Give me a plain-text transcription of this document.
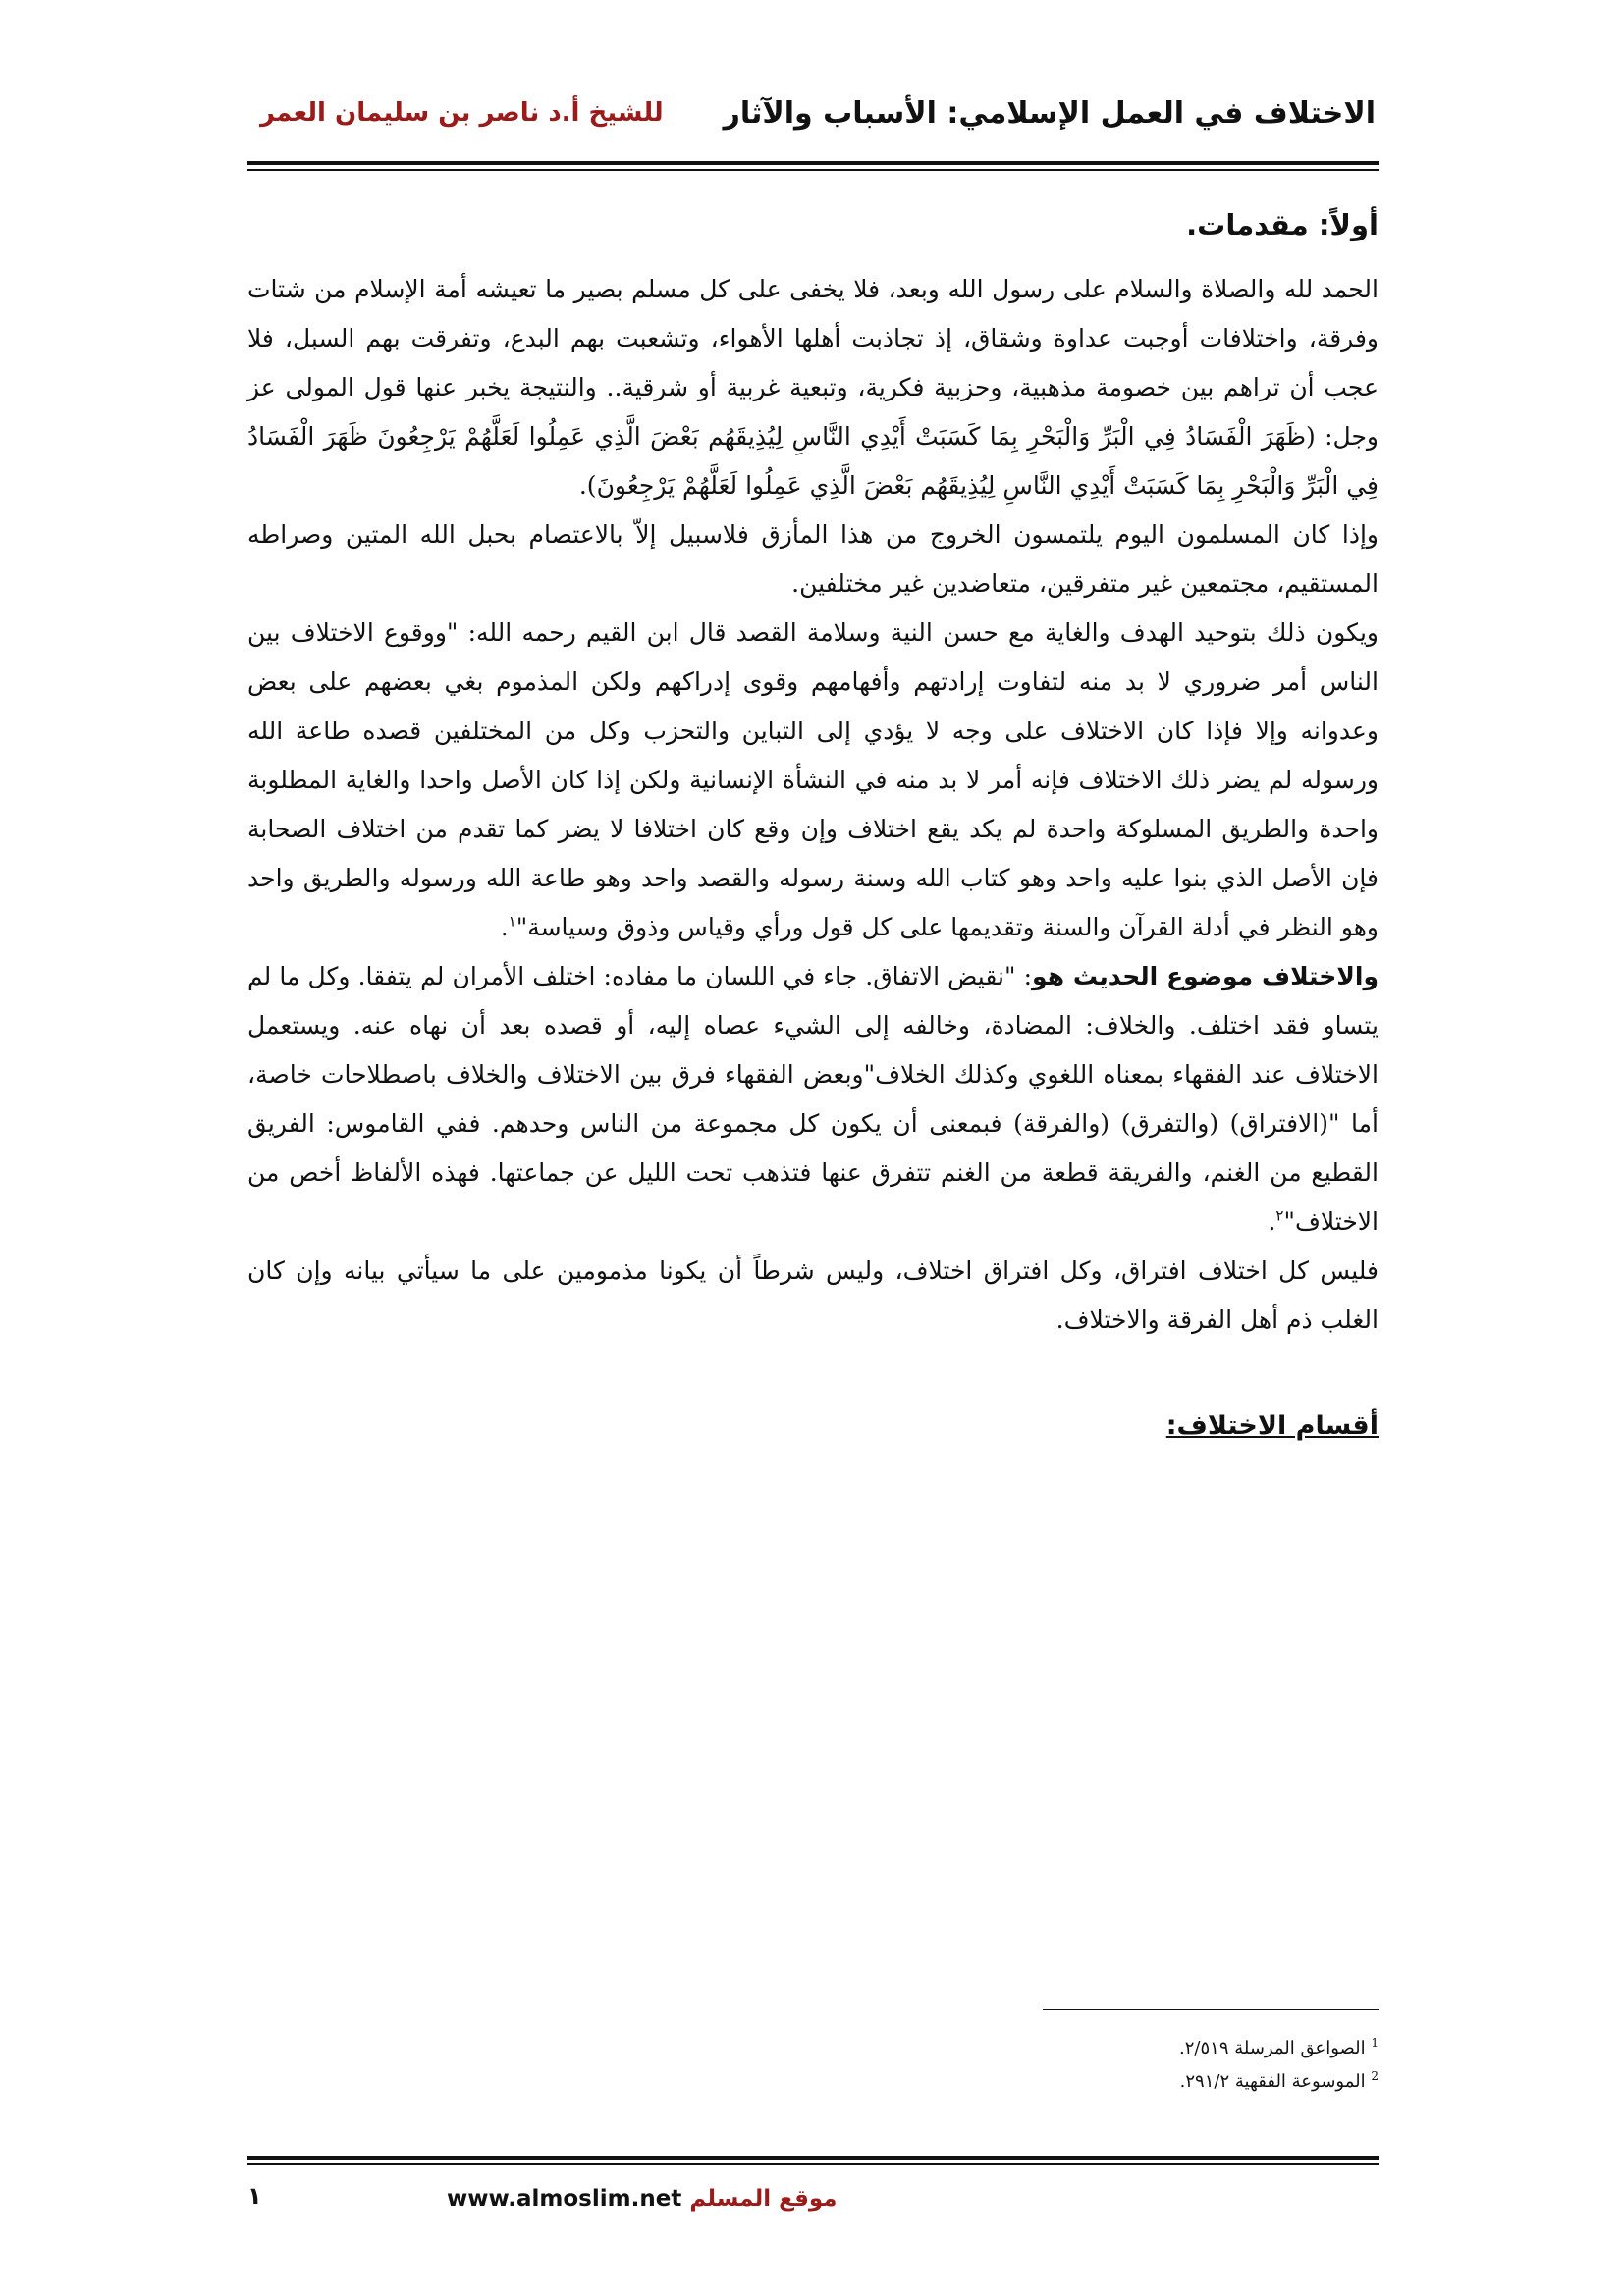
الاختلاف في العمل الإسلامي: الأسباب والآثار
للشيخ أ.د ناصر بن سليمان العمر
أولاً: مقدمات.

الحمد لله والصلاة والسلام على رسول الله وبعد، فلا يخفى على كل مسلم بصير ما تعيشه أمة الإسلام من شتات وفرقة، واختلافات أوجبت عداوة وشقاق، إذ تجاذبت أهلها الأهواء، وتشعبت بهم البدع، وتفرقت بهم السبل، فلا عجب أن تراهم بين خصومة مذهبية، وحزبية فكرية، وتبعية غربية أو شرقية.. والنتيجة يخبر عنها قول المولى عز وجل: (ظَهَرَ الْفَسَادُ فِي الْبَرِّ وَالْبَحْرِ بِمَا كَسَبَتْ أَيْدِي النَّاسِ لِيُذِيقَهُم بَعْضَ الَّذِي عَمِلُوا لَعَلَّهُمْ يَرْجِعُونَ ظَهَرَ الْفَسَادُ فِي الْبَرِّ وَالْبَحْرِ بِمَا كَسَبَتْ أَيْدِي النَّاسِ لِيُذِيقَهُم بَعْضَ الَّذِي عَمِلُوا لَعَلَّهُمْ يَرْجِعُونَ).

وإذا كان المسلمون اليوم يلتمسون الخروج من هذا المأزق فلاسبيل إلاّ بالاعتصام بحبل الله المتين وصراطه المستقيم، مجتمعين غير متفرقين، متعاضدين غير مختلفين.

ويكون ذلك بتوحيد الهدف والغاية مع حسن النية وسلامة القصد قال ابن القيم رحمه الله: "ووقوع الاختلاف بين الناس أمر ضروري لا بد منه لتفاوت إرادتهم وأفهامهم وقوى إدراكهم ولكن المذموم بغي بعضهم على بعض وعدوانه وإلا فإذا كان الاختلاف على وجه لا يؤدي إلى التباين والتحزب وكل من المختلفين قصده طاعة الله ورسوله لم يضر ذلك الاختلاف فإنه أمر لا بد منه في النشأة الإنسانية ولكن إذا كان الأصل واحدا والغاية المطلوبة واحدة والطريق المسلوكة واحدة لم يكد يقع اختلاف وإن وقع كان اختلافا لا يضر كما تقدم من اختلاف الصحابة فإن الأصل الذي بنوا عليه واحد وهو كتاب الله وسنة رسوله والقصد واحد وهو طاعة الله ورسوله والطريق واحد وهو النظر في أدلة القرآن والسنة وتقديمها على كل قول ورأي وقياس وذوق وسياسة"$^١$.

والاختلاف موضوع الحديث هو: "نقيض الاتفاق. جاء في اللسان ما مفاده: اختلف الأمران لم يتفقا. وكل ما لم يتساو فقد اختلف. والخلاف: المضادة، وخالفه إلى الشيء عصاه إليه، أو قصده بعد أن نهاه عنه. ويستعمل الاختلاف عند الفقهاء بمعناه اللغوي وكذلك الخلاف"وبعض الفقهاء فرق بين الاختلاف والخلاف باصطلاحات خاصة، أما "(الافتراق) (والتفرق) (والفرقة) فبمعنى أن يكون كل مجموعة من الناس وحدهم. ففي القاموس: الفريق القطيع من الغنم، والفريقة قطعة من الغنم تتفرق عنها فتذهب تحت الليل عن جماعتها. فهذه الألفاظ أخص من الاختلاف"$^٢$.

فليس كل اختلاف افتراق، وكل افتراق اختلاف، وليس شرطاً أن يكونا مذمومين على ما سيأتي بيانه وإن كان الغلب ذم أهل الفرقة والاختلاف.

أقسام الاختلاف:
$^1$ الصواعق المرسلة ٢/٥١٩.
$^2$ الموسوعة الفقهية ٢٩١/٢.
موقع المسلم www.almoslim.net
١
